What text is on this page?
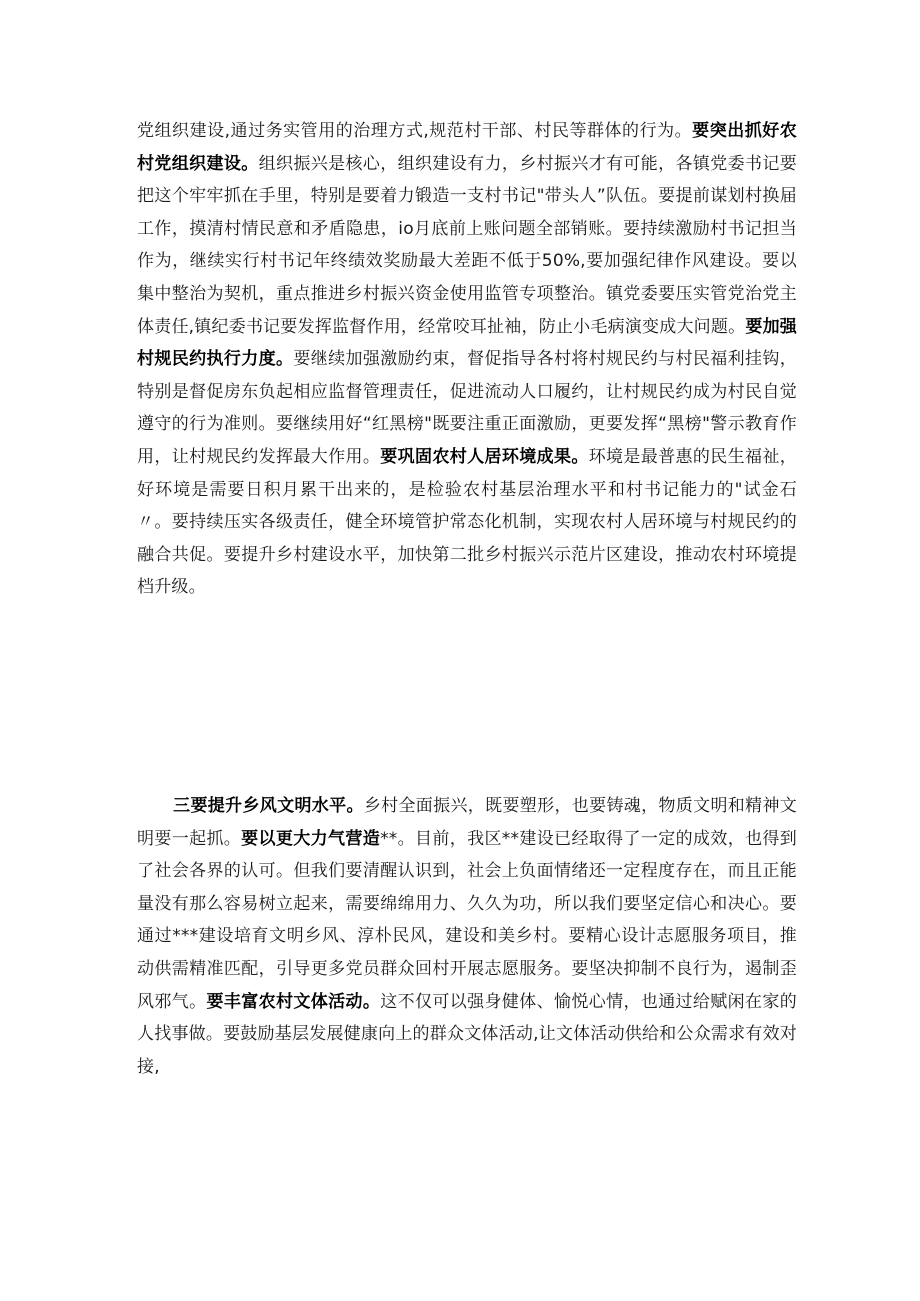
党组织建设,通过务实管用的治理方式,规范村干部、村民等群体的行为。要突出抓好农村党组织建设。组织振兴是核心，组织建设有力，乡村振兴才有可能，各镇党委书记要把这个牢牢抓在手里，特别是要着力锻造一支村书记"带头人”队伍。要提前谋划村换届工作，摸清村情民意和矛盾隐患，io月底前上账问题全部销账。要持续激励村书记担当作为，继续实行村书记年终绩效奖励最大差距不低于50%,要加强纪律作风建设。要以集中整治为契机，重点推进乡村振兴资金使用监管专项整治。镇党委要压实管党治党主体责任,镇纪委书记要发挥监督作用，经常咬耳扯袖，防止小毛病演变成大问题。要加强村规民约执行力度。要继续加强激励约束，督促指导各村将村规民约与村民福利挂钩，特别是督促房东负起相应监督管理责任，促进流动人口履约，让村规民约成为村民自觉遵守的行为准则。要继续用好“红黑榜"既要注重正面激励，更要发挥“黑榜"警示教育作用，让村规民约发挥最大作用。要巩固农村人居环境成果。环境是最普惠的民生福祉，好环境是需要日积月累干出来的，是检验农村基层治理水平和村书记能力的"试金石〃。要持续压实各级责任，健全环境管护常态化机制，实现农村人居环境与村规民约的融合共促。要提升乡村建设水平，加快第二批乡村振兴示范片区建设，推动农村环境提档升级。

三要提升乡风文明水平。乡村全面振兴，既要塑形，也要铸魂，物质文明和精神文明要一起抓。要以更大力气营造**。目前，我区**建设已经取得了一定的成效，也得到了社会各界的认可。但我们要清醒认识到，社会上负面情绪还一定程度存在，而且正能量没有那么容易树立起来，需要绵绵用力、久久为功，所以我们要坚定信心和决心。要通过***建设培育文明乡风、淳朴民风，建设和美乡村。要精心设计志愿服务项目，推动供需精准匹配，引导更多党员群众回村开展志愿服务。要坚决抑制不良行为，遏制歪风邪气。要丰富农村文体活动。这不仅可以强身健体、愉悦心情，也通过给赋闲在家的人找事做。要鼓励基层发展健康向上的群众文体活动,让文体活动供给和公众需求有效对接,
